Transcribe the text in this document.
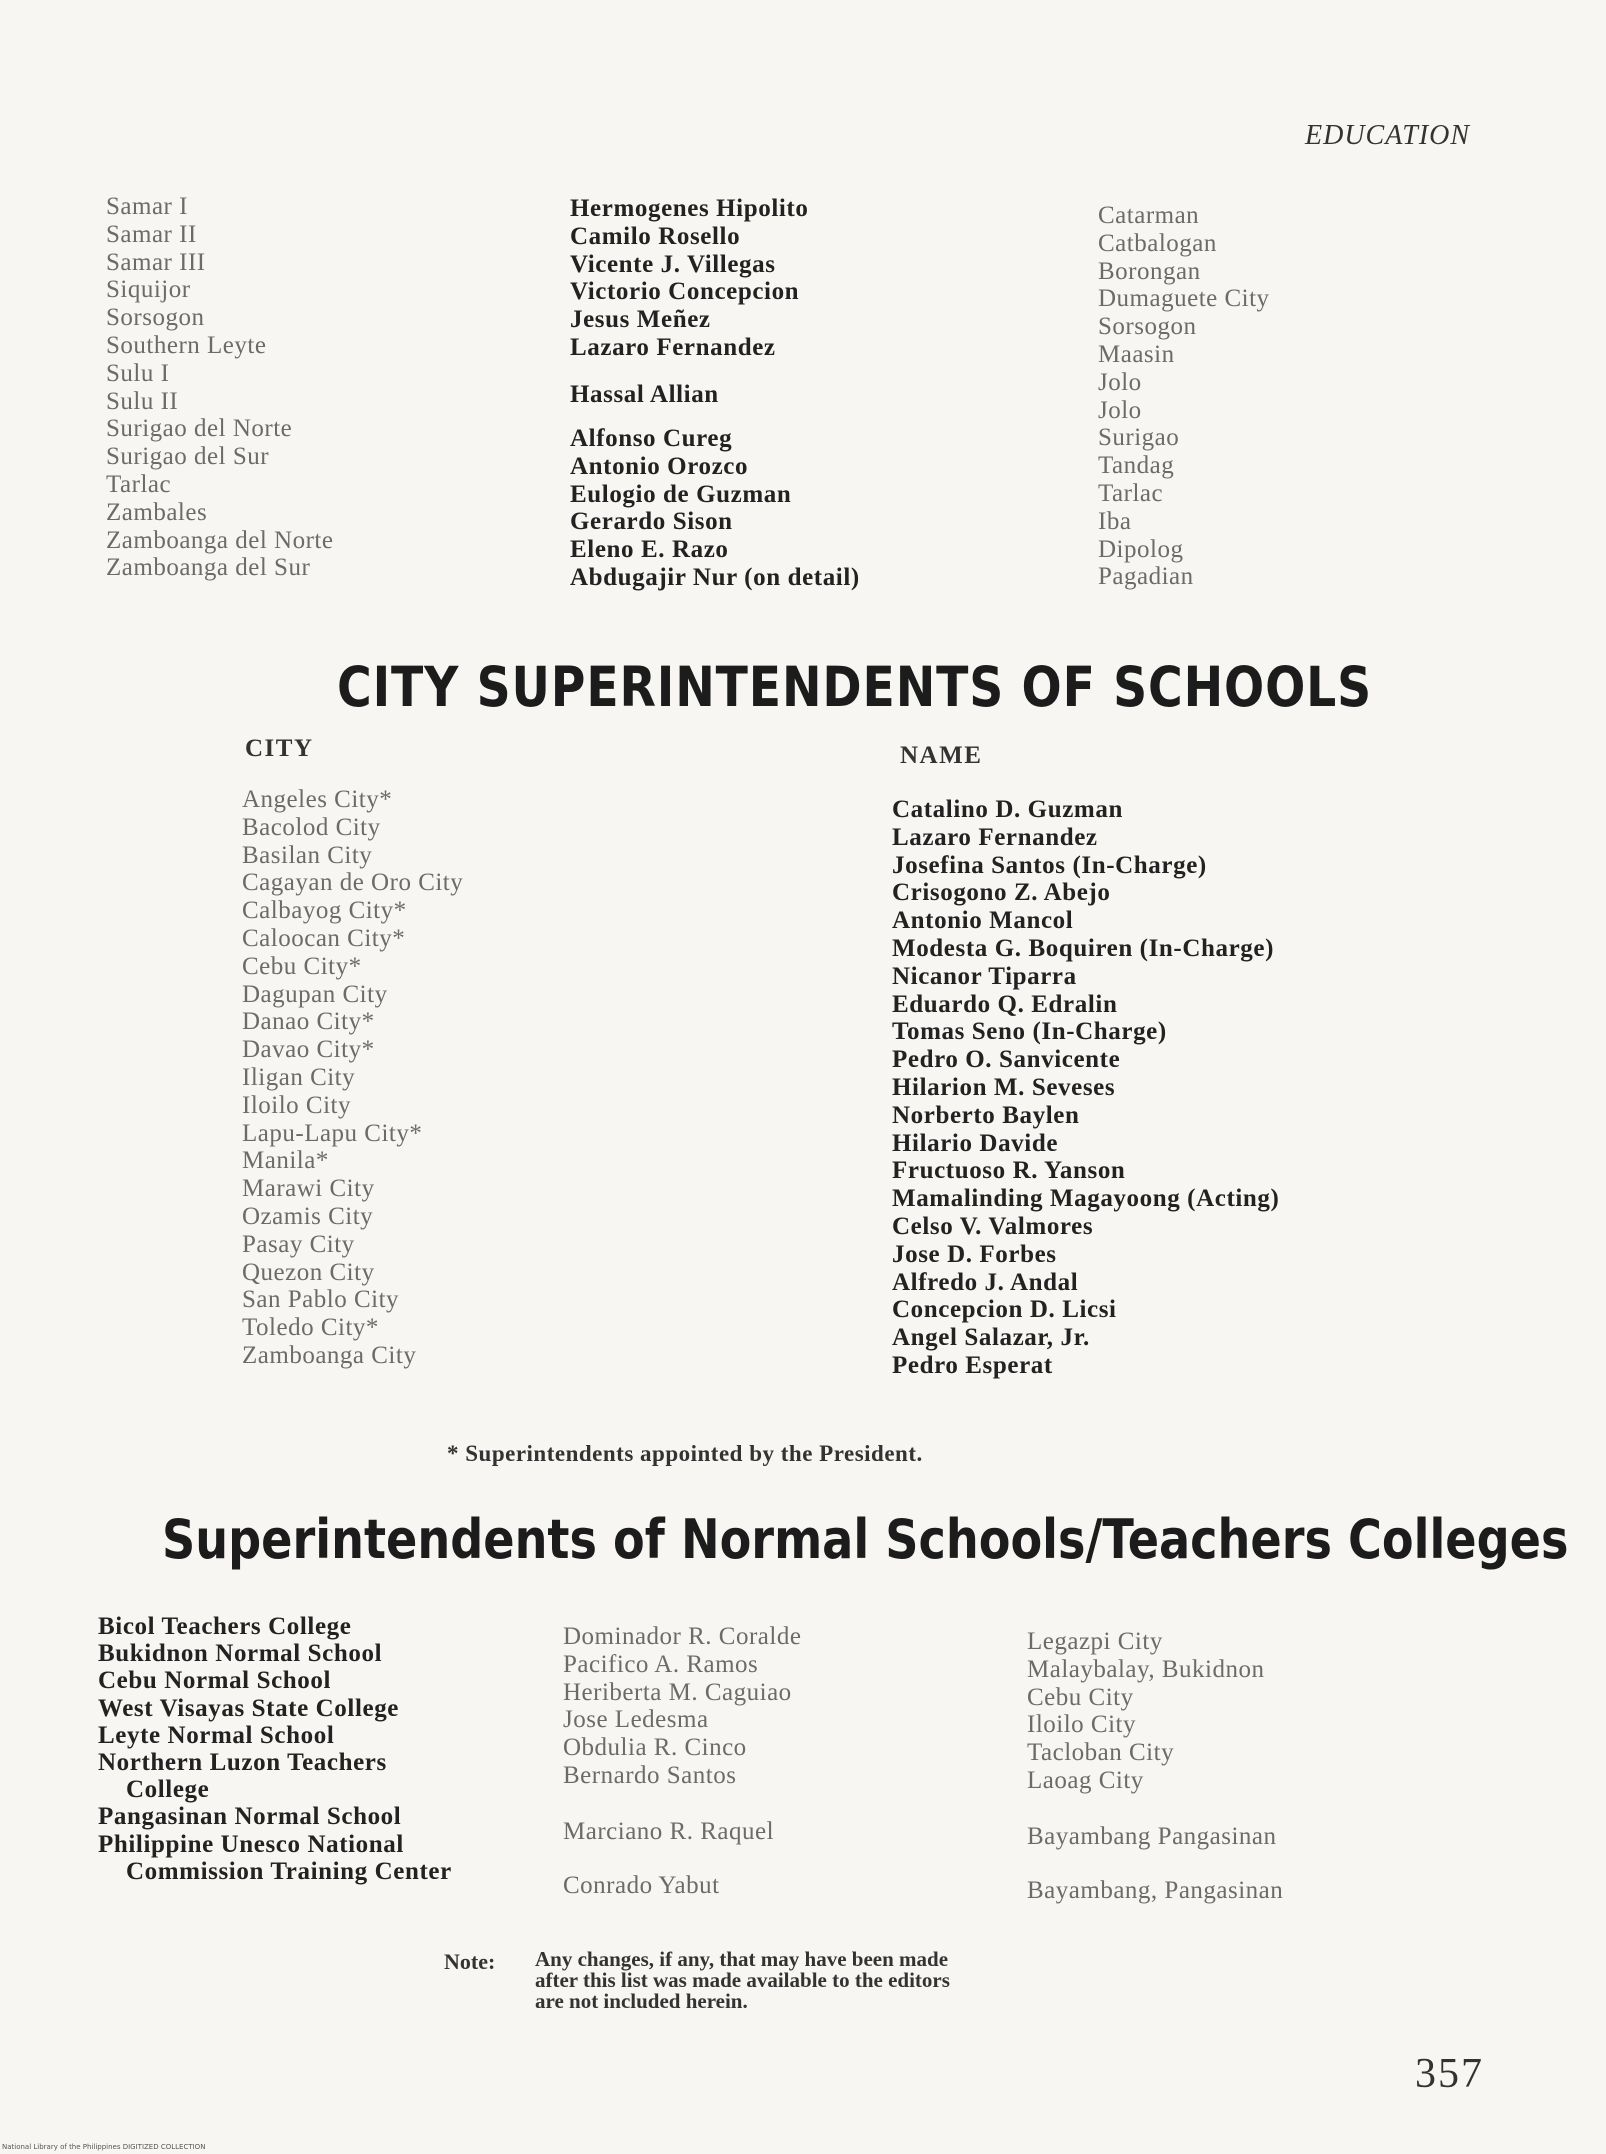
EDUCATION
Samar I
Samar II
Samar III
Siquijor
Sorsogon
Southern Leyte
Sulu I
Sulu II
Surigao del Norte
Surigao del Sur
Tarlac
Zambales
Zamboanga del Norte
Zamboanga del Sur
Hermogenes Hipolito
Camilo Rosello
Vicente J. Villegas
Victorio Concepcion
Jesus Meñez
Lazaro Fernandez
Hassal Allian
Alfonso Cureg
Antonio Orozco
Eulogio de Guzman
Gerardo Sison
Eleno E. Razo
Abdugajir Nur (on detail)
Catarman
Catbalogan
Borongan
Dumaguete City
Sorsogon
Maasin
Jolo
Jolo
Surigao
Tandag
Tarlac
Iba
Dipolog
Pagadian
CITY SUPERINTENDENTS OF SCHOOLS
CITY	NAME
Angeles City*
Bacolod City
Basilan City
Cagayan de Oro City
Calbayog City*
Caloocan City*
Cebu City*
Dagupan City
Danao City*
Davao City*
Iligan City
Iloilo City
Lapu-Lapu City*
Manila*
Marawi City
Ozamis City
Pasay City
Quezon City
San Pablo City
Toledo City*
Zamboanga City
Catalino D. Guzman
Lazaro Fernandez
Josefina Santos (In-Charge)
Crisogono Z. Abejo
Antonio Mancol
Modesta G. Boquiren (In-Charge)
Nicanor Tiparra
Eduardo Q. Edralin
Tomas Seno (In-Charge)
Pedro O. Sanvicente
Hilarion M. Seveses
Norberto Baylen
Hilario Davide
Fructuoso R. Yanson
Mamalinding Magayoong (Acting)
Celso V. Valmores
Jose D. Forbes
Alfredo J. Andal
Concepcion D. Licsi
Angel Salazar, Jr.
Pedro Esperat
* Superintendents appointed by the President.
Superintendents of Normal Schools/Teachers Colleges
Bicol Teachers College
Bukidnon Normal School
Cebu Normal School
West Visayas State College
Leyte Normal School
Northern Luzon Teachers
College
Pangasinan Normal School
Philippine Unesco National
Commission Training Center
Dominador R. Coralde
Pacifico A. Ramos
Heriberta M. Caguiao
Jose Ledesma
Obdulia R. Cinco
Bernardo Santos
Marciano R. Raquel
Conrado Yabut
Legazpi City
Malaybalay, Bukidnon
Cebu City
Iloilo City
Tacloban City
Laoag City
Bayambang Pangasinan
Bayambang, Pangasinan
Note: Any changes, if any, that may have been made
after this list was made available to the editors
are not included herein.
357
National Library of the Philippines DIGITIZED COLLECTION
